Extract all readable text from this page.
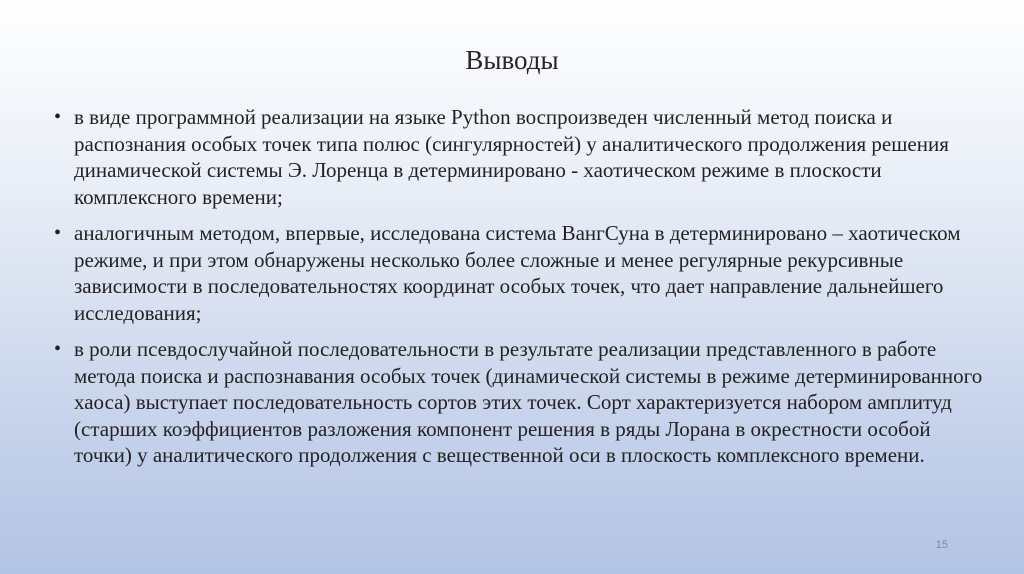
Выводы
• в виде программной реализации на языке Python воспроизведен численный метод поиска и распознания особых точек типа полюс (сингулярностей) у аналитического продолжения решения динамической системы Э. Лоренца в детерминировано - хаотическом режиме в плоскости комплексного времени;
• аналогичным методом, впервые, исследована система ВангСуна в детерминировано – хаотическом режиме, и при этом обнаружены несколько более сложные и менее регулярные рекурсивные зависимости в последовательностях координат особых точек, что дает направление дальнейшего исследования;
• в роли псевдослучайной последовательности в результате реализации представленного в работе метода поиска и распознавания особых точек (динамической системы в режиме детерминированного хаоса) выступает последовательность сортов этих точек. Сорт характеризуется набором амплитуд (старших коэффициентов разложения компонент решения в ряды Лорана в окрестности особой точки) у аналитического продолжения с вещественной оси в плоскость комплексного времени.
15
